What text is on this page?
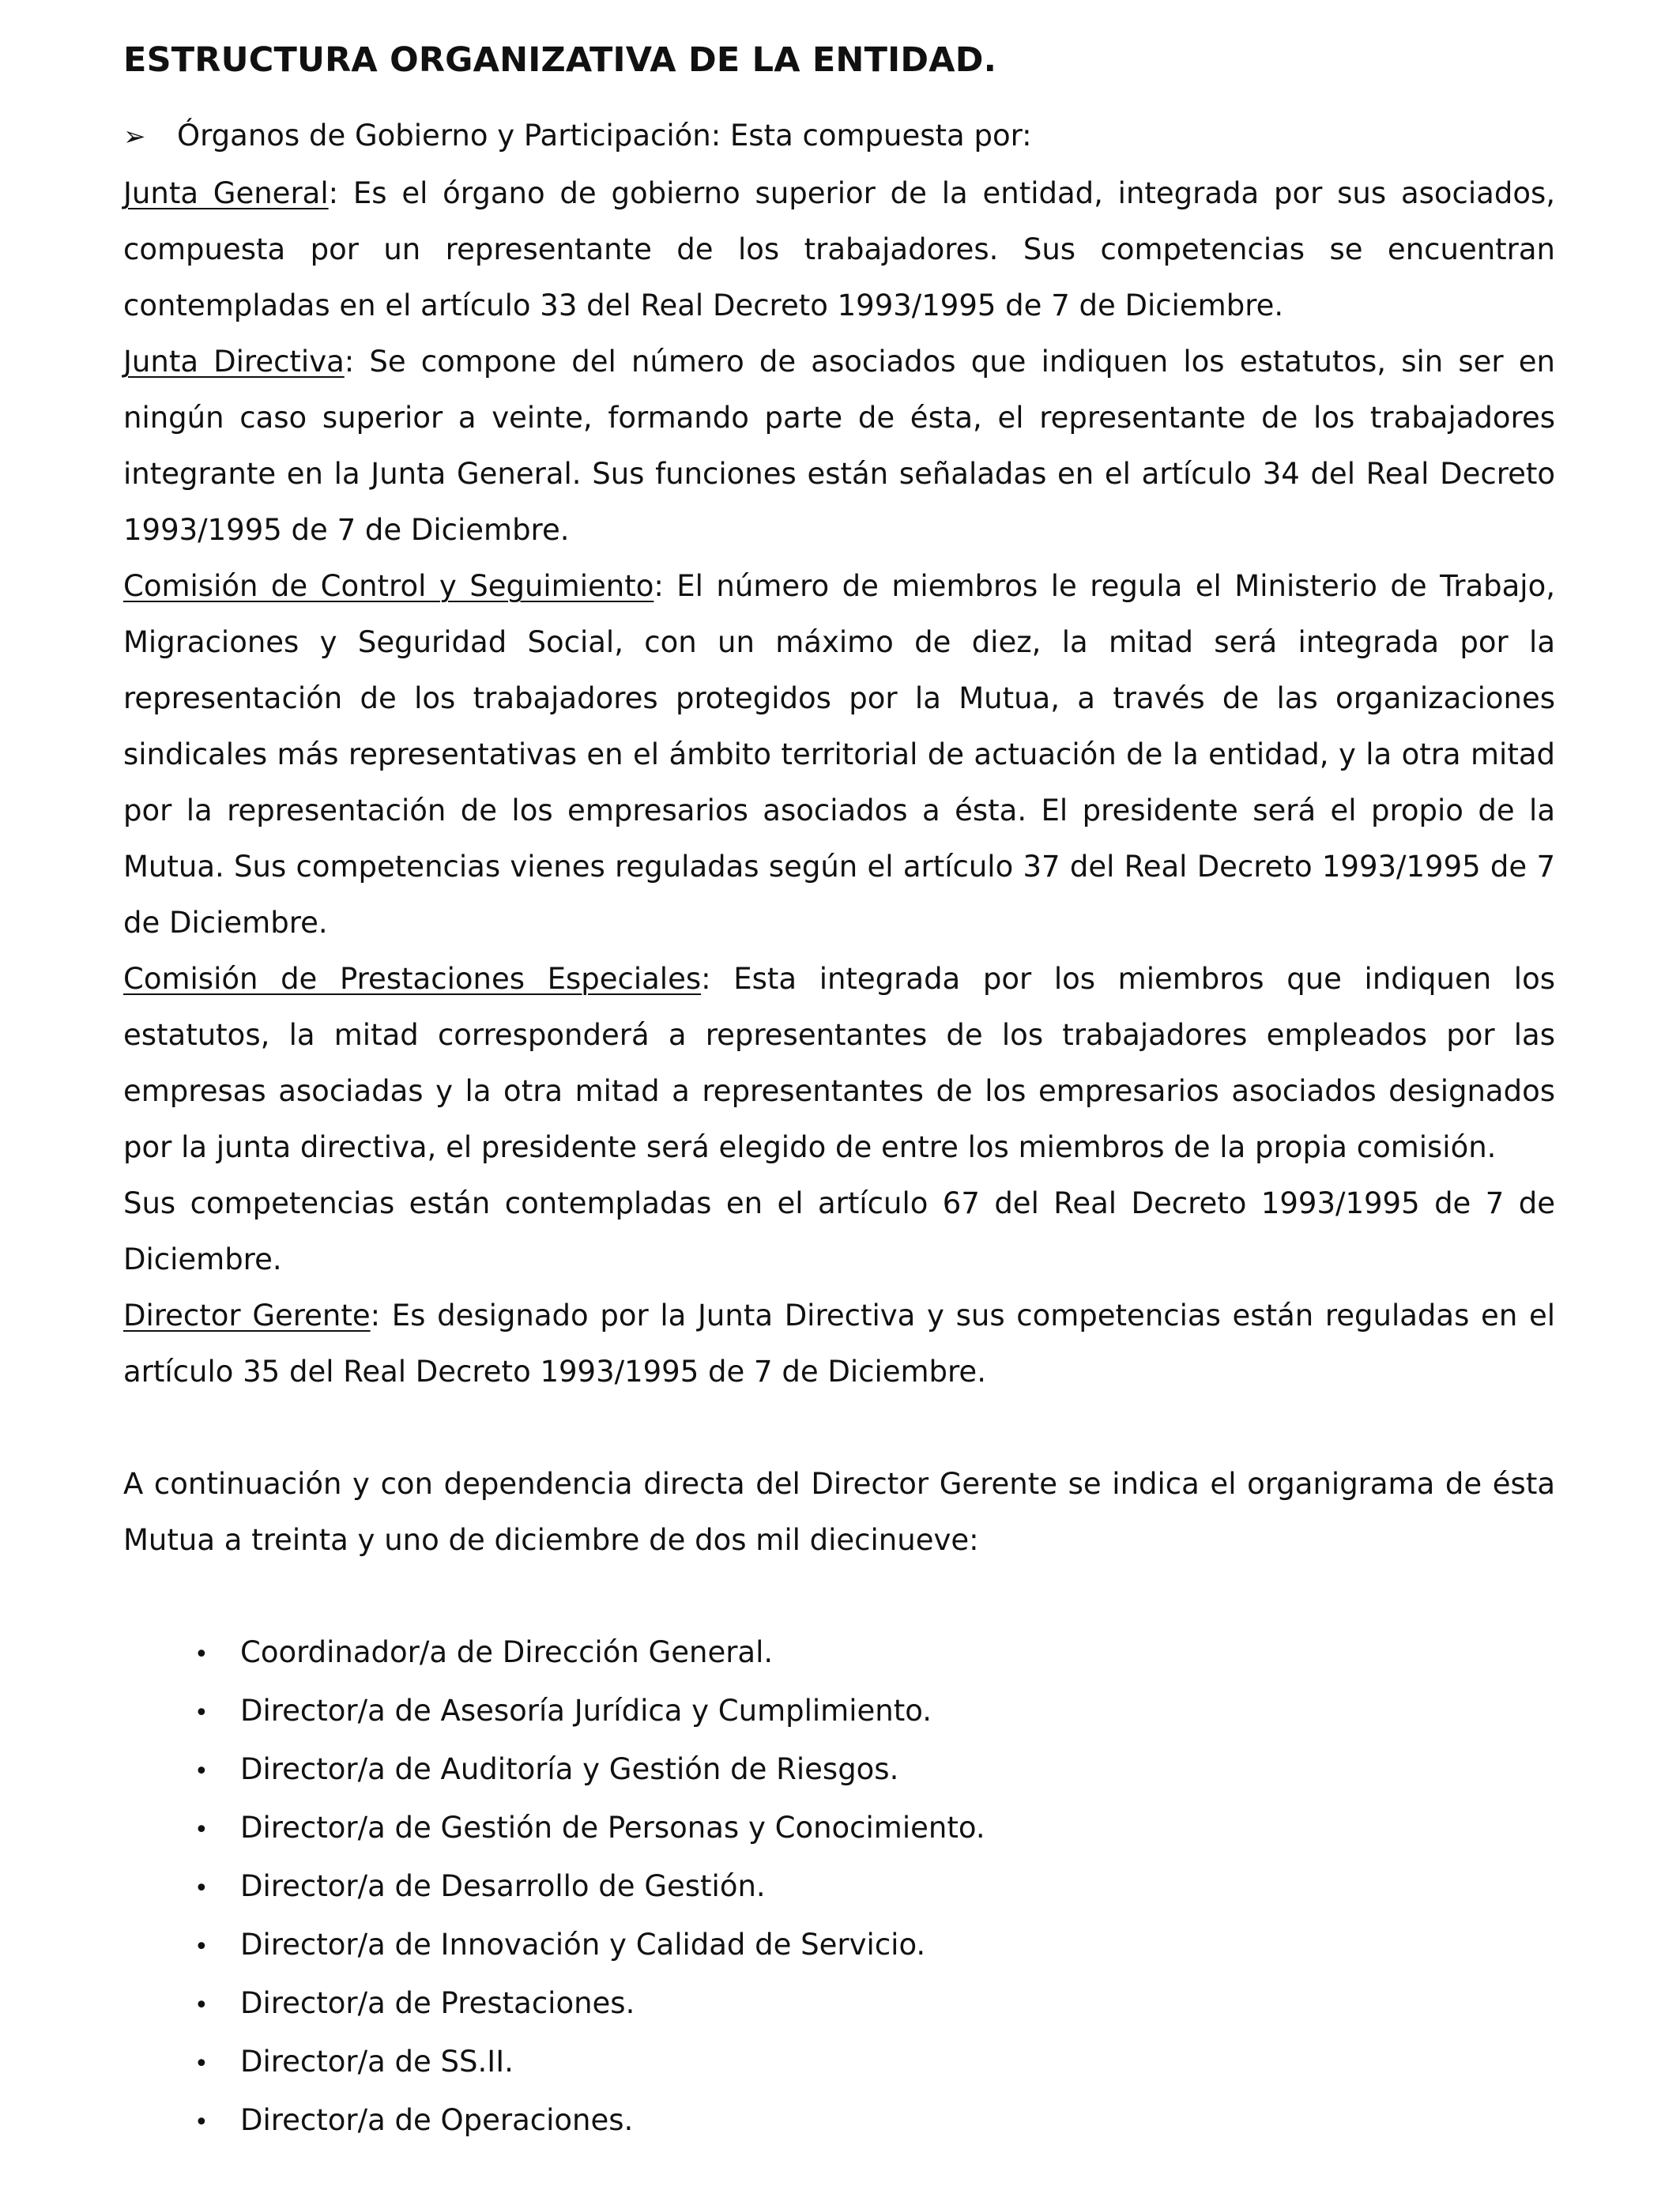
ESTRUCTURA ORGANIZATIVA DE LA ENTIDAD.

➢	Órganos de Gobierno y Participación: Esta compuesta por:

Junta General: Es el órgano de gobierno superior de la entidad, integrada por sus asociados, compuesta por un representante de los trabajadores. Sus competencias se encuentran contempladas en el artículo 33 del Real Decreto 1993/1995 de 7 de Diciembre.

Junta Directiva: Se compone del número de asociados que indiquen los estatutos, sin ser en ningún caso superior a veinte, formando parte de ésta, el representante de los trabajadores integrante en la Junta General. Sus funciones están señaladas en el artículo 34 del Real Decreto 1993/1995 de 7 de Diciembre.

Comisión de Control y Seguimiento: El número de miembros le regula el Ministerio de Trabajo, Migraciones y Seguridad Social, con un máximo de diez, la mitad será integrada por la representación de los trabajadores protegidos por la Mutua, a través de las organizaciones sindicales más representativas en el ámbito territorial de actuación de la entidad, y la otra mitad por la representación de los empresarios asociados a ésta. El presidente será el propio de la Mutua. Sus competencias vienes reguladas según el artículo 37 del Real Decreto 1993/1995 de 7 de Diciembre.

Comisión de Prestaciones Especiales: Esta integrada por los miembros que indiquen los estatutos, la mitad corresponderá a representantes de los trabajadores empleados por las empresas asociadas y la otra mitad a representantes de los empresarios asociados designados por la junta directiva, el presidente será elegido de entre los miembros de la propia comisión.

Sus competencias están contempladas en el artículo 67 del Real Decreto 1993/1995 de 7 de Diciembre.

Director Gerente: Es designado por la Junta Directiva y sus competencias están reguladas en el artículo 35 del Real Decreto 1993/1995 de 7 de Diciembre.

A continuación y con dependencia directa del Director Gerente se indica el organigrama de ésta Mutua a treinta y uno de diciembre de dos mil diecinueve:

•	Coordinador/a de Dirección General.
•	Director/a de Asesoría Jurídica y Cumplimiento.
•	Director/a de Auditoría y Gestión de Riesgos.
•	Director/a de Gestión de Personas y Conocimiento.
•	Director/a de Desarrollo de Gestión.
•	Director/a de Innovación y Calidad de Servicio.
•	Director/a de Prestaciones.
•	Director/a de SS.II.
•	Director/a de Operaciones.
